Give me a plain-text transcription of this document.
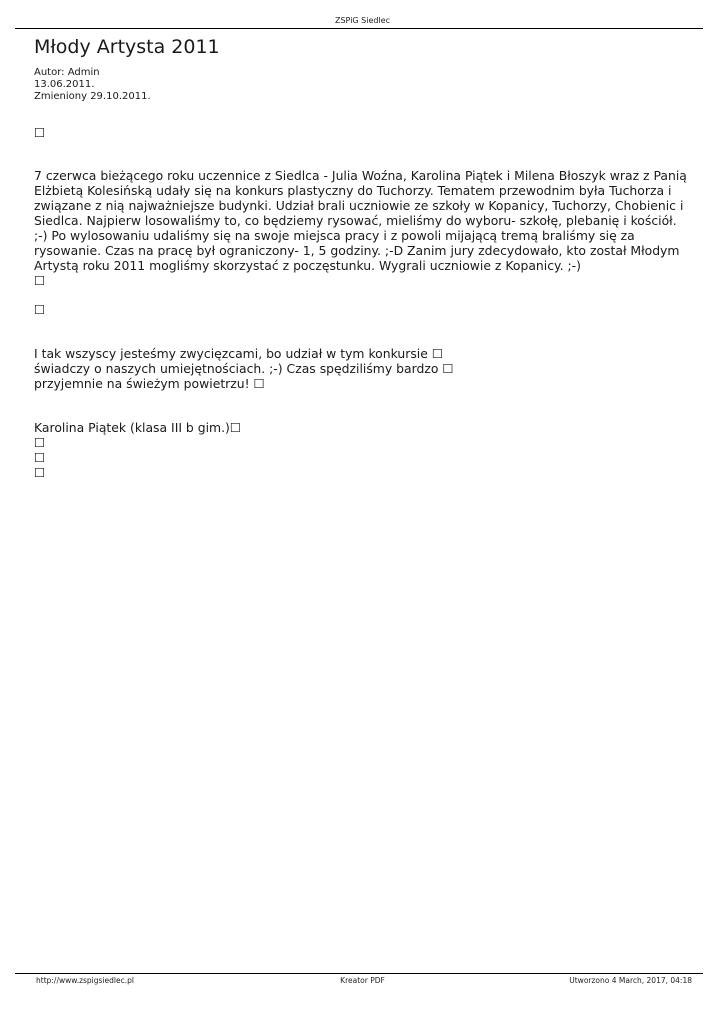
ZSPiG Siedlec
Młody Artysta 2011
Autor: Admin
13.06.2011.
Zmieniony 29.10.2011.
☐
7 czerwca bieżącego roku uczennice z Siedlca - Julia Woźna, Karolina Piątek i Milena Błoszyk wraz z Panią Elżbietą Kolesińską udały się na konkurs plastyczny do Tuchorzy. Tematem przewodnim była Tuchorza i związane z nią najważniejsze budynki. Udział brali uczniowie ze szkoły w Kopanicy, Tuchorzy, Chobienic i Siedlca. Najpierw losowaliśmy to, co będziemy rysować, mieliśmy do wyboru- szkołę, plebanię i kościół. ;-) Po wylosowaniu udaliśmy się na swoje miejsca pracy i z powoli mijającą tremą braliśmy się za rysowanie. Czas na pracę był ograniczony- 1, 5 godziny. ;-D Zanim jury zdecydowało, kto został Młodym Artystą roku 2011 mogliśmy skorzystać z poczęstunku. Wygrali uczniowie z Kopanicy. ;-)
☐
☐
I tak wszyscy jesteśmy zwycięzcami, bo udział w tym konkursie ☐
świadczy o naszych umiejętnościach. ;-) Czas spędziliśmy bardzo ☐
przyjemnie na świeżym powietrzu! ☐
Karolina Piątek (klasa III b gim.)☐
☐
☐
☐
http://www.zspigsiedlec.pl	Kreator PDF	Utworzono 4 March, 2017, 04:18
